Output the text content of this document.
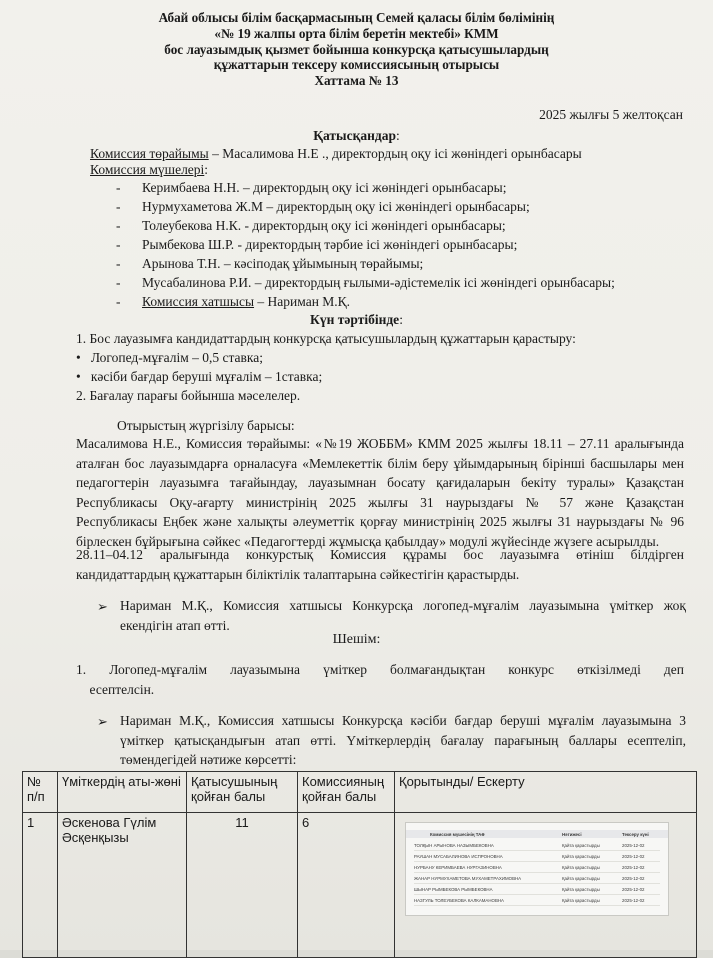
Абай облысы білім басқармасының Семей қаласы білім бөлімінің
«№ 19 жалпы орта білім беретін мектебі» КММ
бос лауазымдық қызмет бойынша конкурсқа қатысушылардың
құжаттарын тексеру комиссиясының отырысы
Хаттама № 13
2025 жылғы 5 желтоқсан
Қатысқандар:
Комиссия төрайымы – Масалимова Н.Е ., директордың оқу ісі жөніндегі орынбасары
Комиссия мүшелері:
- Керимбаева Н.Н. – директордың оқу ісі жөніндегі орынбасары;
- Нурмухаметова Ж.М – директордың оқу ісі жөніндегі орынбасары;
- Толеубекова Н.К. - директордың оқу ісі жөніндегі орынбасары;
- Рымбекова Ш.Р. - директордың тәрбие ісі жөніндегі орынбасары;
- Арынова Т.Н. – кәсіподақ ұйымының төрайымы;
- Мусабалинова Р.И. – директордың ғылыми-әдістемелік ісі жөніндегі орынбасары;
- Комиссия хатшысы – Нариман М.Қ.
Күн тәртібінде:
1. Бос лауазымға кандидаттардың конкурсқа қатысушылардың құжаттарын қарастыру:
•   Логопед-мұғалім – 0,5 ставка;
•   кәсіби бағдар беруші мұғалім – 1ставка;
2. Бағалау парағы бойынша мәселелер.
Отырыстың жүргізілу барысы:
Масалимова Н.Е., Комиссия төрайымы: «№19 ЖОББМ» КММ 2025 жылғы 18.11 – 27.11 аралығында
аталған бос лауазымдарға орналасуға «Мемлекеттік білім беру ұйымдарының бірінші басшылары мен
педагогтерін лауазымға тағайындау, лауазымнан босату қағидаларын бекіту туралы» Қазақстан
Республикасы Оқу-ағарту министрінің 2025 жылғы 31 наурыздағы № 57 және Қазақстан
Республикасы Еңбек және халықты әлеуметтік қорғау министрінің 2025 жылғы 31 наурыздағы № 96
бірлескен бұйрығына сәйкес «Педагогтерді жұмысқа қабылдау» модулі жүйесінде жүзеге асырылды.
28.11–04.12 аралығында конкурстық Комиссия құрамы бос лауазымға өтініш білдірген
кандидаттардың құжаттарын біліктілік талаптарына сәйкестігін қарастырды.
➢ Нариман М.Қ., Комиссия хатшысы Конкурсқа логопед-мұғалім лауазымына үміткер жоқ
екендігін атап өтті.
Шешім:
1. Логопед-мұғалім лауазымына үміткер болмағандықтан конкурс өткізілмеді деп
есептелсін.
➢ Нариман М.Қ., Комиссия хатшысы Конкурсқа кәсіби бағдар беруші мұғалім лауазымына 3
үміткер қатысқандығын атап өтті. Үміткерлердің бағалау парағының баллары есептеліп,
төмендегідей нәтиже көрсетті:
№ п/п	Үміткердің аты-жөні	Қатысушының қойған балы	Комиссияның қойған балы	Қорытынды/ Ескерту
1	Әскенова Гүлім Әсқенқызы	11	6	
Комиссия мүшесінің ТАӘ	Нәтижесі	Тексеру күні
ТОЛҚЫН АРЫНОВА НАЗЫМБЕКОВНА	Қайта қарастырды	2025-12-02
РАУШАН МУСАБАЛИНОВА ИСПРОНОВНА	Қайта қарастырды	2025-12-02
НУРБАНУ КЕРИМБАЕВА НУРГАЗИНОВНА	Қайта қарастырды	2025-12-02
ЖАНАР НУРМУХАМЕТОВА МУХАМЕТРАХИМОВНА	Қайта қарастырды	2025-12-02
ШЫНАР РЫМБЕКОВА РЫМБЕКОВНА	Қайта қарастырды	2025-12-02
НАЗГУЛЬ ТОЛЕУБЕКОВА КАЛКАМАНОВНА	Қайта қарастырды	2025-12-02
